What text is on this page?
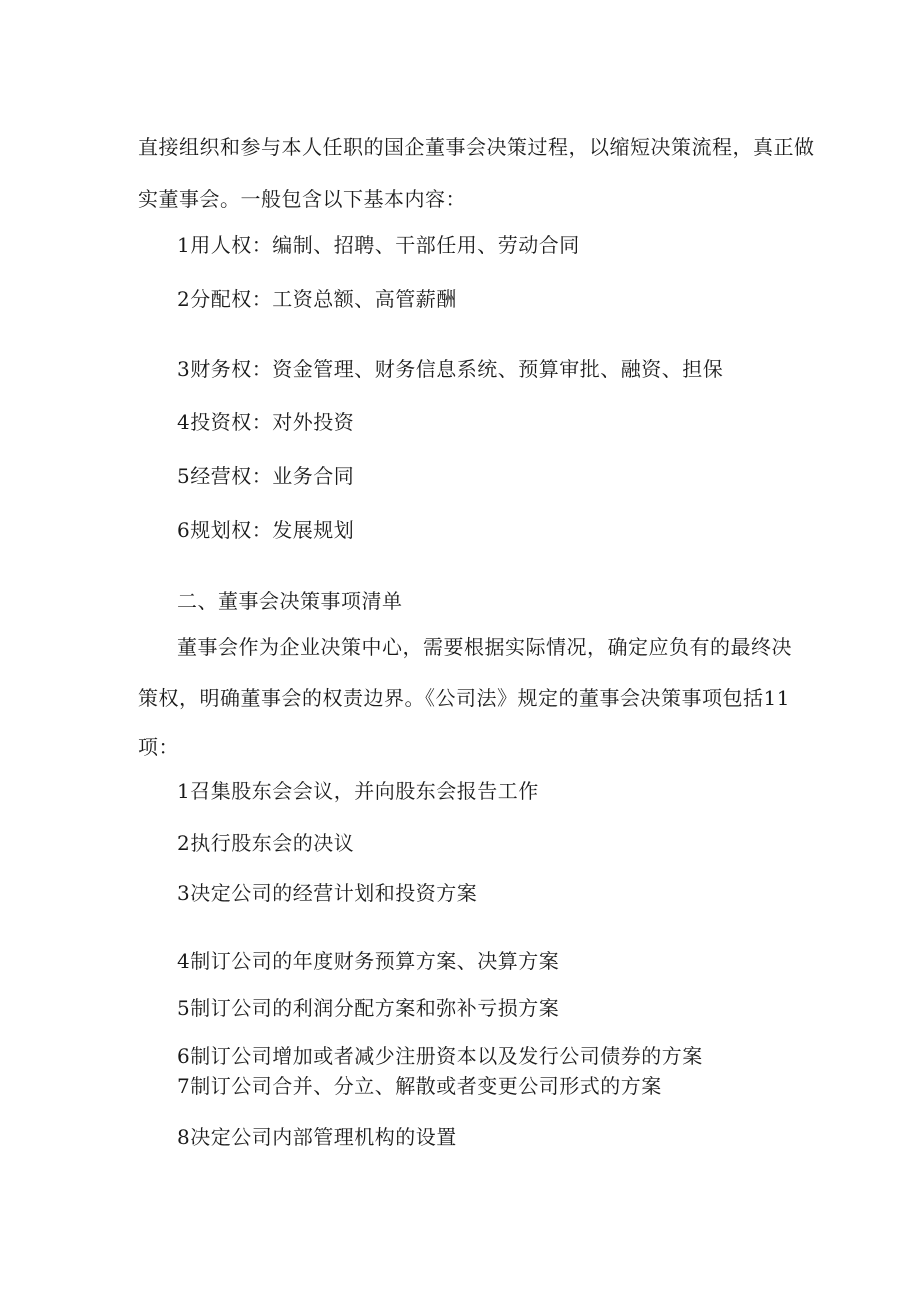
直接组织和参与本人任职的国企董事会决策过程，以缩短决策流程，真正做
实董事会。一般包含以下基本内容：
1用人权：编制、招聘、干部任用、劳动合同
2分配权：工资总额、高管薪酬
3财务权：资金管理、财务信息系统、预算审批、融资、担保
4投资权：对外投资
5经营权：业务合同
6规划权：发展规划
二、董事会决策事项清单
董事会作为企业决策中心，需要根据实际情况，确定应负有的最终决
策权，明确董事会的权责边界。《公司法》规定的董事会决策事项包括11
项：
1召集股东会会议，并向股东会报告工作
2执行股东会的决议
3决定公司的经营计划和投资方案
4制订公司的年度财务预算方案、决算方案
5制订公司的利润分配方案和弥补亏损方案
6制订公司增加或者减少注册资本以及发行公司债券的方案
7制订公司合并、分立、解散或者变更公司形式的方案
8决定公司内部管理机构的设置
